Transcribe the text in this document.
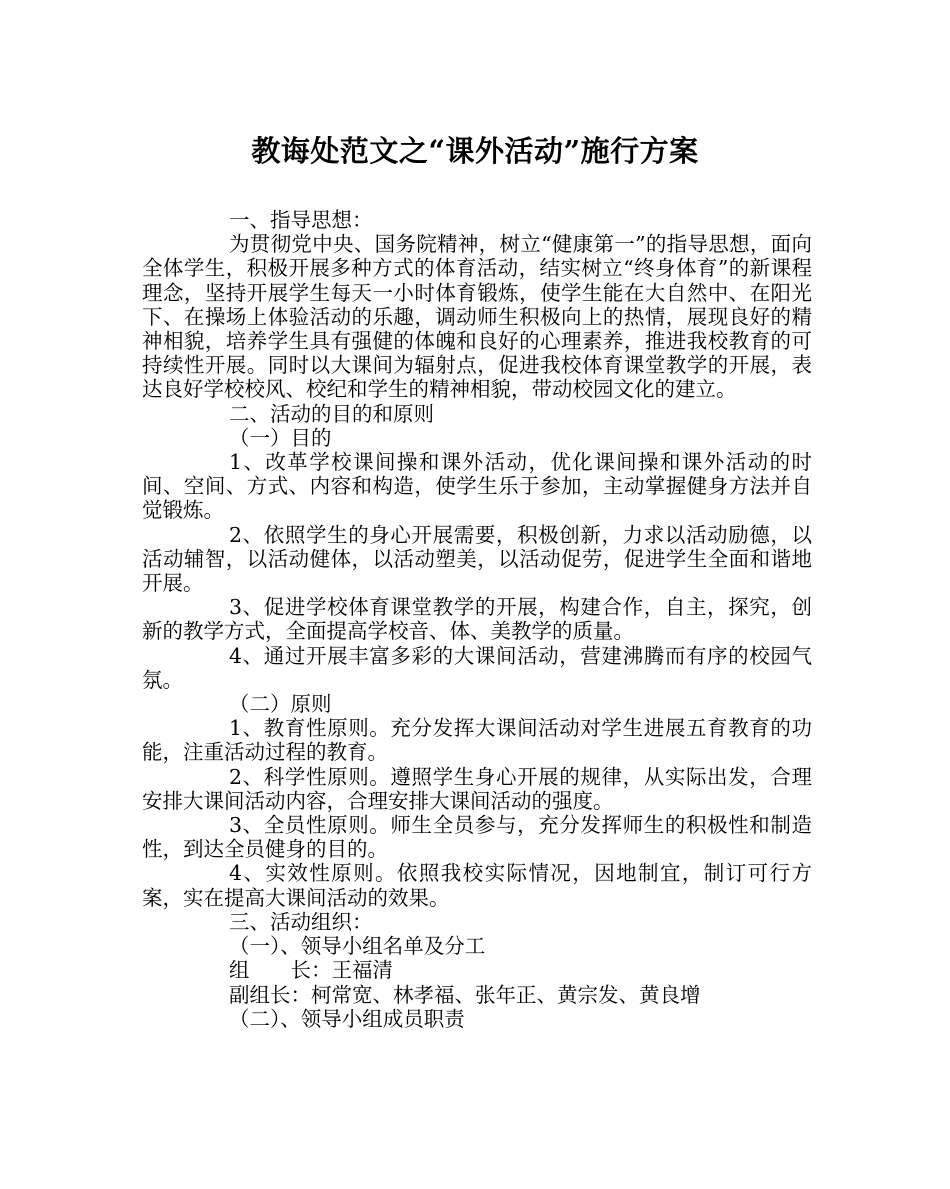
教诲处范文之“课外活动”施行方案

一、指导思想：

为贯彻党中央、国务院精神，树立“健康第一”的指导思想，面向全体学生，积极开展多种方式的体育活动，结实树立“终身体育”的新课程理念，坚持开展学生每天一小时体育锻炼，使学生能在大自然中、在阳光下、在操场上体验活动的乐趣，调动师生积极向上的热情，展现良好的精神相貌，培养学生具有强健的体魄和良好的心理素养，推进我校教育的可持续性开展。同时以大课间为辐射点，促进我校体育课堂教学的开展，表达良好学校校风、校纪和学生的精神相貌，带动校园文化的建立。

二、活动的目的和原则

（一）目的

1、改革学校课间操和课外活动，优化课间操和课外活动的时间、空间、方式、内容和构造，使学生乐于参加，主动掌握健身方法并自觉锻炼。

2、依照学生的身心开展需要，积极创新，力求以活动励德，以活动辅智，以活动健体，以活动塑美，以活动促劳，促进学生全面和谐地开展。

3、促进学校体育课堂教学的开展，构建合作，自主，探究，创新的教学方式，全面提高学校音、体、美教学的质量。

4、通过开展丰富多彩的大课间活动，营建沸腾而有序的校园气氛。

（二）原则

1、教育性原则。充分发挥大课间活动对学生进展五育教育的功能，注重活动过程的教育。

2、科学性原则。遵照学生身心开展的规律，从实际出发，合理安排大课间活动内容，合理安排大课间活动的强度。

3、全员性原则。师生全员参与，充分发挥师生的积极性和制造性，到达全员健身的目的。

4、实效性原则。依照我校实际情况，因地制宜，制订可行方案，实在提高大课间活动的效果。

三、活动组织：

（一）、领导小组名单及分工

组　　长：王福清

副组长：柯常宽、林孝福、张年正、黄宗发、黄良增

（二）、领导小组成员职责
